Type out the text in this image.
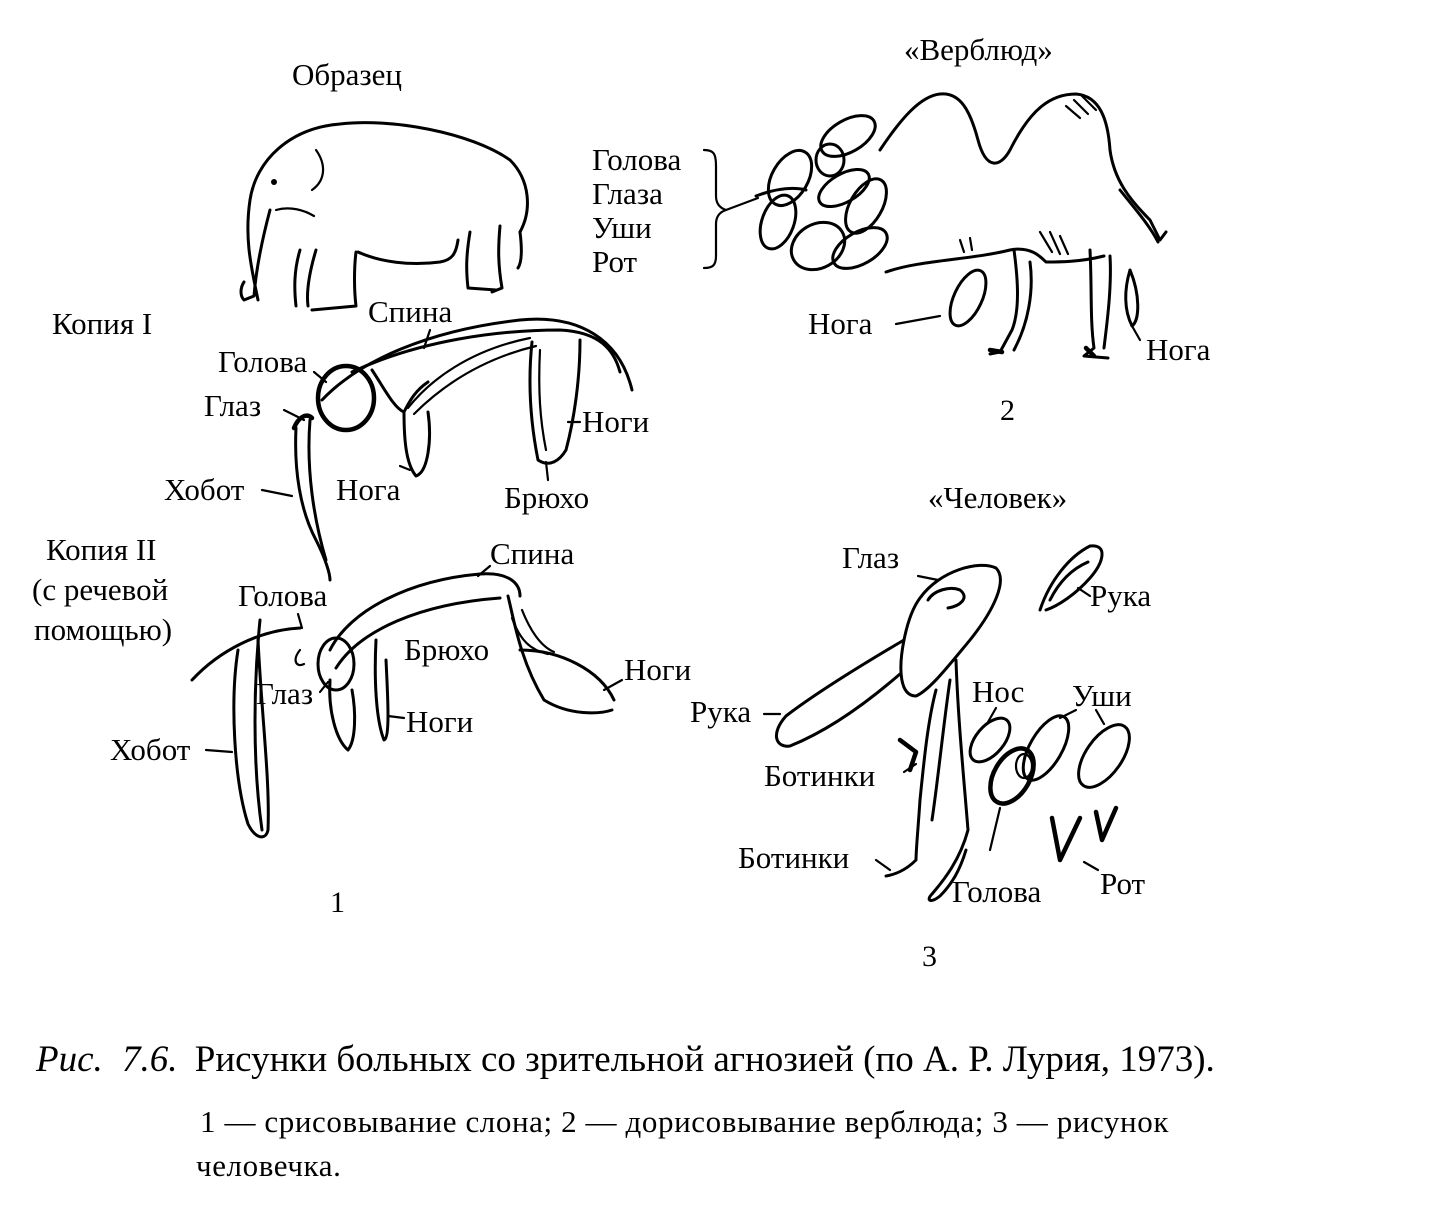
Образец
Копия I	Спина
Голова
Глаз
Хобот	Нога
Ноги
Брюхо
Копия II
(с речевой
помощью)
Спина
Голова
Брюхо
Глаз
Ноги
Ноги
Хобот
1
«Верблюд»
Голова
Глаза
Уши
Рот
Нога
Нога
2
«Человек»
Глаз
Рука
Рука
Нос Уши
Ботинки
Ботинки
Голова Рот
3
Рис. 7.6. Рисунки больных со зрительной агнозией (по А. Р. Лурия, 1973).
1 — срисовывание слона; 2 — дорисовывание верблюда; 3 — рисунок
человечка.
